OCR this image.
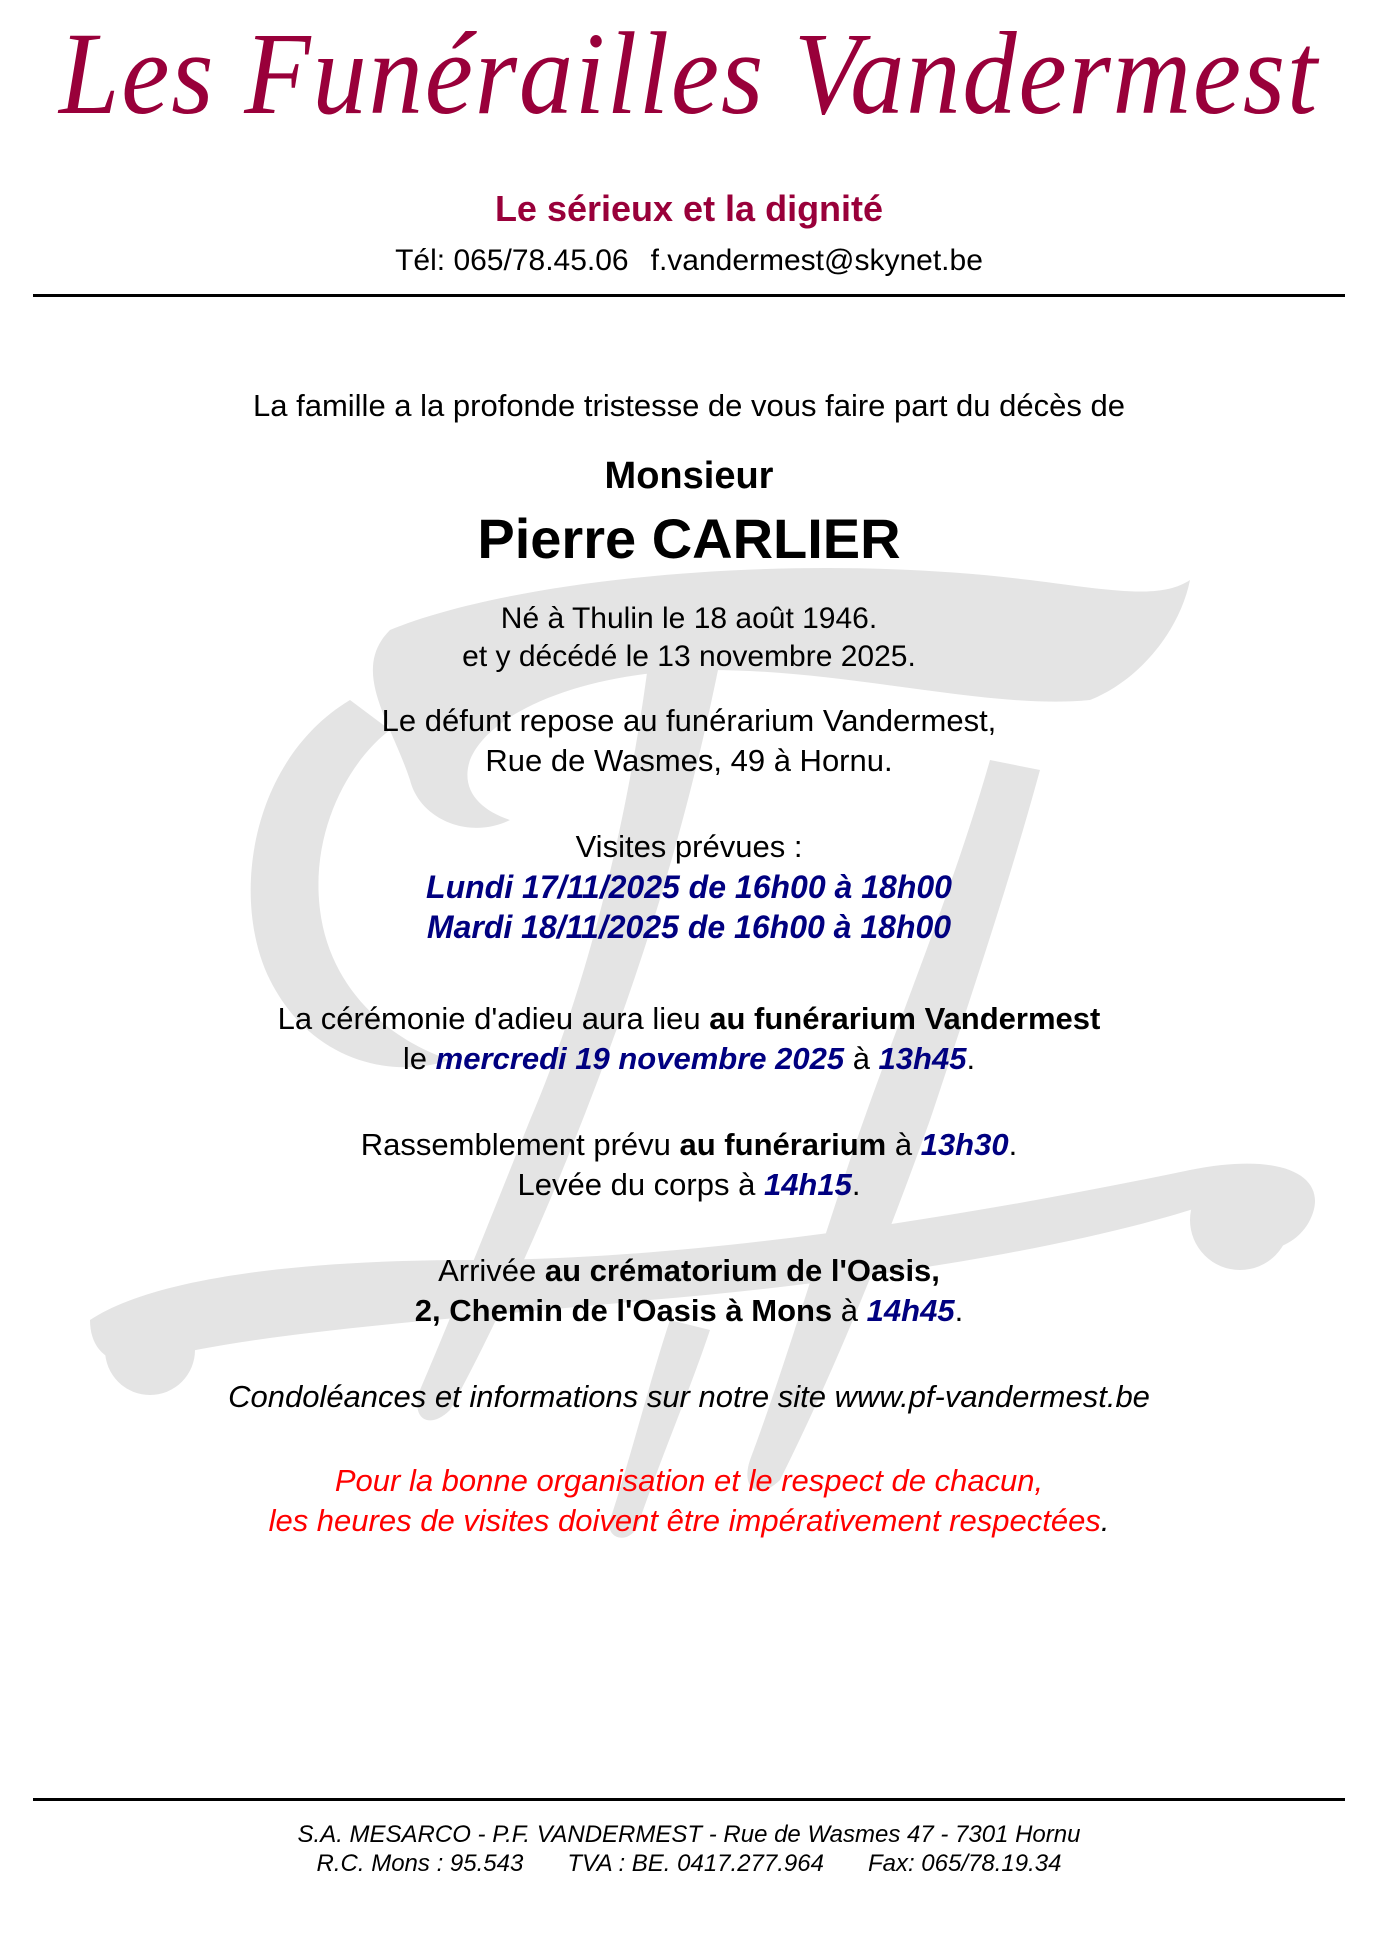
Les Funérailles Vandermest
Le sérieux et la dignité
Tél: 065/78.45.06 f.vandermest@skynet.be
La famille a la profonde tristesse de vous faire part du décès de
Monsieur
Pierre CARLIER
Né à Thulin le 18 août 1946.
et y décédé le 13 novembre 2025.
Le défunt repose au funérarium Vandermest,
Rue de Wasmes, 49 à Hornu.
Visites prévues :
Lundi 17/11/2025 de 16h00 à 18h00
Mardi 18/11/2025 de 16h00 à 18h00
La cérémonie d'adieu aura lieu au funérarium Vandermest
le mercredi 19 novembre 2025 à 13h45.
Rassemblement prévu au funérarium à 13h30.
Levée du corps à 14h15.
Arrivée au crématorium de l'Oasis,
2, Chemin de l'Oasis à Mons à 14h45.
Condoléances et informations sur notre site www.pf-vandermest.be
Pour la bonne organisation et le respect de chacun,
les heures de visites doivent être impérativement respectées.
S.A. MESARCO - P.F. VANDERMEST - Rue de Wasmes 47 - 7301 Hornu
R.C. Mons : 95.543 TVA : BE. 0417.277.964 Fax: 065/78.19.34
